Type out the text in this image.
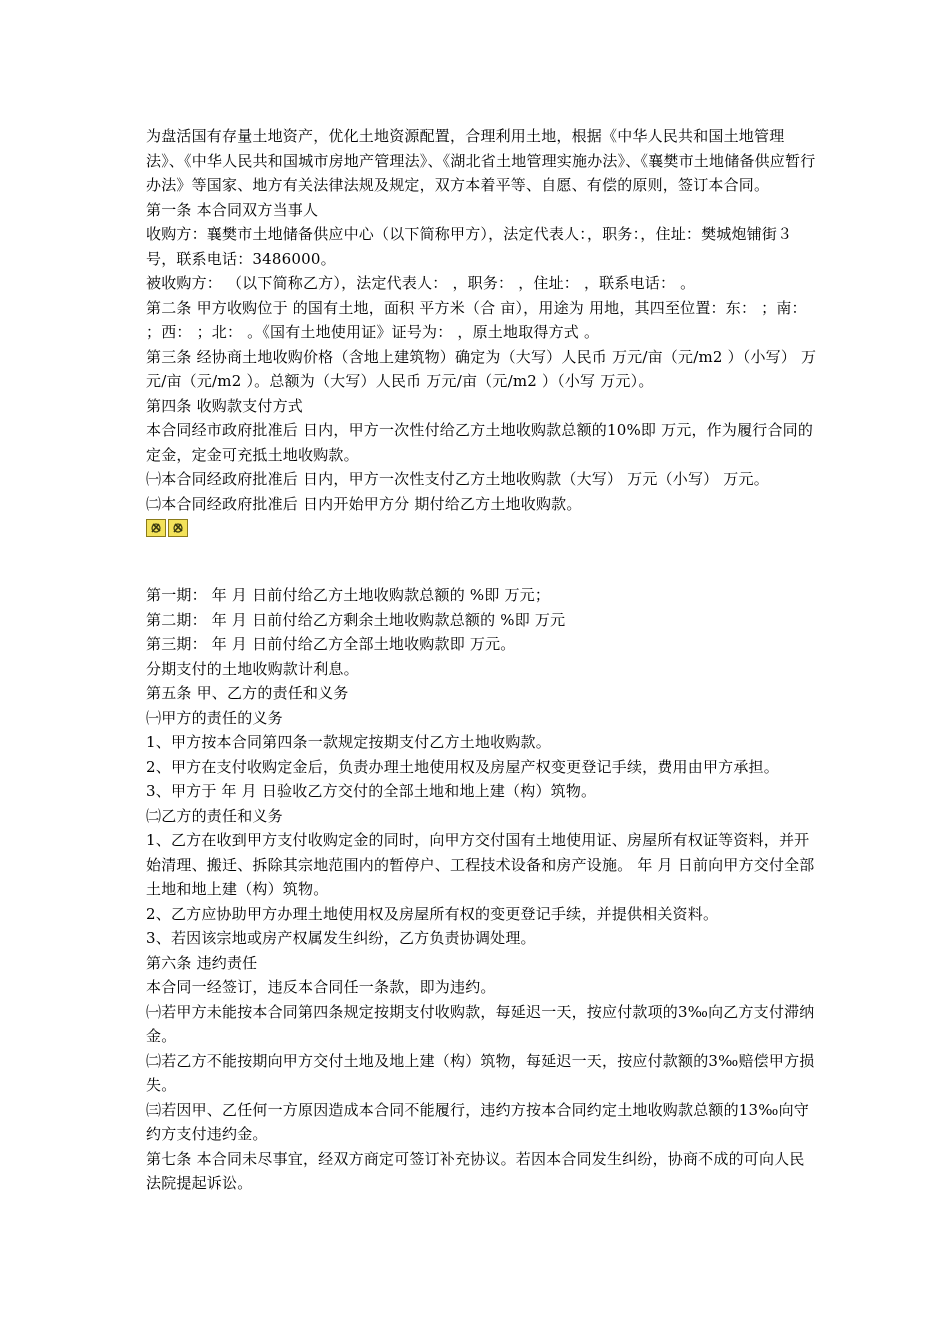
为盘活国有存量土地资产，优化土地资源配置，合理利用土地，根据《中华人民共和国土地管理法》、《中华人民共和国城市房地产管理法》、《湖北省土地管理实施办法》、《襄樊市土地储备供应暂行办法》等国家、地方有关法律法规及规定，双方本着平等、自愿、有偿的原则，签订本合同。

第一条 本合同双方当事人

收购方：襄樊市土地储备供应中心（以下简称甲方），法定代表人：，职务：，住址：樊城炮铺街３号，联系电话：3486000。

被收购方： （以下简称乙方），法定代表人： ，职务： ，住址： ，联系电话： 。

第二条 甲方收购位于 的国有土地，面积 平方米（合 亩），用途为 用地，其四至位置：东： ；南： ；西： ；北： 。《国有土地使用证》证号为： ，原土地取得方式 。

第三条 经协商土地收购价格（含地上建筑物）确定为（大写）人民币 万元/亩（元/m2 ）（小写） 万元/亩（元/m2 ）。总额为（大写）人民币 万元/亩（元/m2 ）（小写 万元）。

第四条 收购款支付方式

本合同经市政府批准后 日内，甲方一次性付给乙方土地收购款总额的10%即 万元，作为履行合同的定金，定金可充抵土地收购款。

㈠本合同经政府批准后 日内，甲方一次性支付乙方土地收购款（大写） 万元（小写） 万元。

㈡本合同经政府批准后 日内开始甲方分 期付给乙方土地收购款。

第一期： 年 月 日前付给乙方土地收购款总额的 %即 万元；

第二期： 年 月 日前付给乙方剩余土地收购款总额的 %即 万元

第三期： 年 月 日前付给乙方全部土地收购款即 万元。

分期支付的土地收购款计利息。

第五条 甲、乙方的责任和义务

㈠甲方的责任的义务

1、甲方按本合同第四条一款规定按期支付乙方土地收购款。

2、甲方在支付收购定金后，负责办理土地使用权及房屋产权变更登记手续，费用由甲方承担。

3、甲方于 年 月 日验收乙方交付的全部土地和地上建（构）筑物。

㈡乙方的责任和义务

1、乙方在收到甲方支付收购定金的同时，向甲方交付国有土地使用证、房屋所有权证等资料，并开始清理、搬迁、拆除其宗地范围内的暂停户、工程技术设备和房产设施。 年 月 日前向甲方交付全部土地和地上建（构）筑物。

2、乙方应协助甲方办理土地使用权及房屋所有权的变更登记手续，并提供相关资料。

3、若因该宗地或房产权属发生纠纷，乙方负责协调处理。

第六条 违约责任

本合同一经签订，违反本合同任一条款，即为违约。

㈠若甲方未能按本合同第四条规定按期支付收购款，每延迟一天，按应付款项的3‰向乙方支付滞纳金。

㈡若乙方不能按期向甲方交付土地及地上建（构）筑物，每延迟一天，按应付款额的3‰赔偿甲方损失。

㈢若因甲、乙任何一方原因造成本合同不能履行，违约方按本合同约定土地收购款总额的13‰向守约方支付违约金。

第七条 本合同未尽事宜，经双方商定可签订补充协议。若因本合同发生纠纷，协商不成的可向人民法院提起诉讼。
